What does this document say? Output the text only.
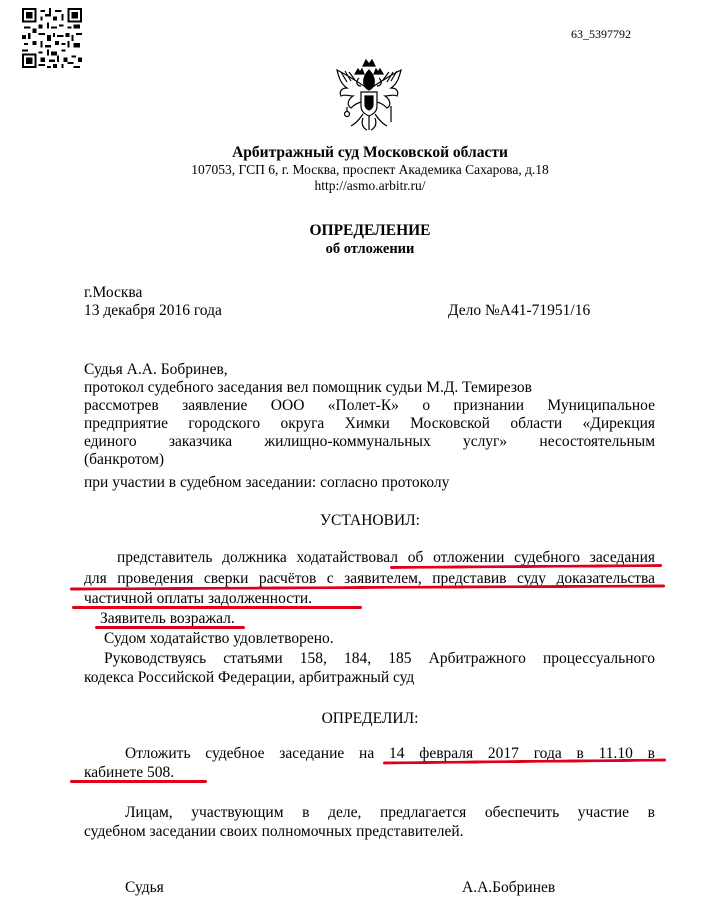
63_5397792
Арбитражный суд Московской области
107053, ГСП 6, г. Москва, проспект Академика Сахарова, д.18
http://asmo.arbitr.ru/
ОПРЕДЕЛЕНИЕ
об отложении
г.Москва
13 декабря 2016 года	Дело №А41-71951/16
Судья А.А. Бобринев,
протокол судебного заседания вел помощник судьи М.Д. Темирезов
рассмотрев заявление ООО «Полет-К» о признании Муниципальное
предприятие городского округа Химки Московской области «Дирекция
единого заказчика жилищно-коммунальных услуг» несостоятельным
(банкротом)
при участии в судебном заседании: согласно протоколу
УСТАНОВИЛ:
представитель должника ходатайствовал об отложении судебного заседания
для проведения сверки расчётов с заявителем, представив суду доказательства
частичной оплаты задолженности.
Заявитель возражал.
Судом ходатайство удовлетворено.
Руководствуясь статьями 158, 184, 185 Арбитражного процессуального
кодекса Российской Федерации, арбитражный суд
ОПРЕДЕЛИЛ:
Отложить судебное заседание на 14 февраля 2017 года в 11.10 в
кабинете 508.
Лицам, участвующим в деле, предлагается обеспечить участие в
судебном заседании своих полномочных представителей.
Судья	А.А.Бобринев
